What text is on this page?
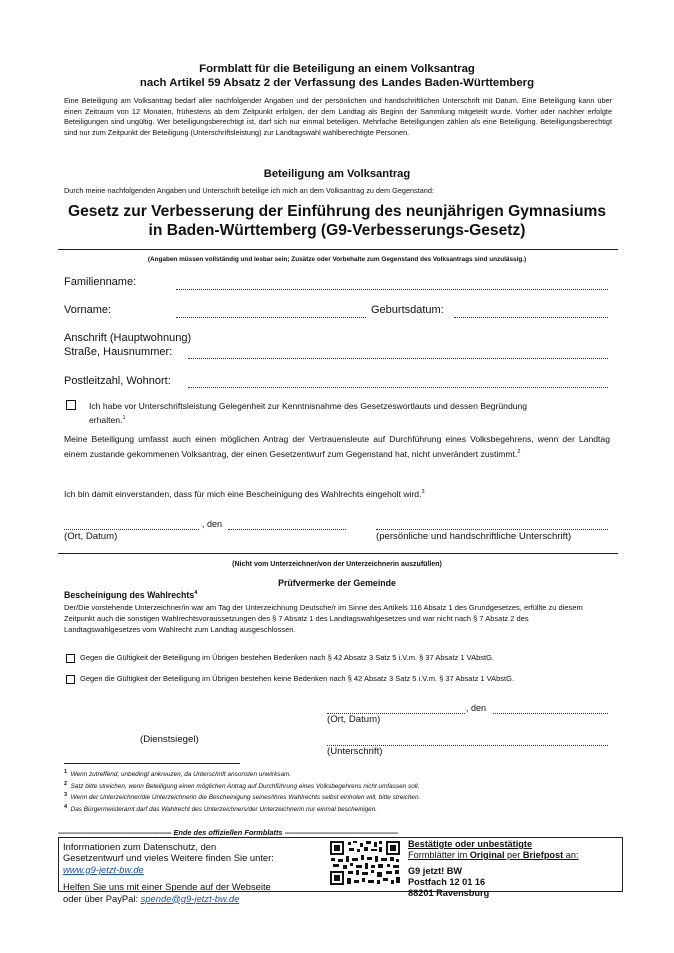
Formblatt für die Beteiligung an einem Volksantrag
nach Artikel 59 Absatz 2 der Verfassung des Landes Baden-Württemberg
Eine Beteiligung am Volksantrag bedarf aller nachfolgender Angaben und der persönlichen und handschriftlichen Unterschrift mit Datum. Eine Beteiligung kann über einen Zeitraum von 12 Monaten, frühestens ab dem Zeitpunkt erfolgen, der dem Landtag als Beginn der Sammlung mitgeteilt wurde. Vorher oder nachher erfolgte Beteiligungen sind ungültig. Wer beteiligungsberechtigt ist, darf sich nur einmal beteiligen. Mehrfache Beteiligungen zählen als eine Beteiligung. Beteiligungsberechtigt sind nur zum Zeitpunkt der Beteiligung (Unterschriftsleistung) zur Landtagswahl wahlberechtigte Personen.
Beteiligung am Volksantrag
Durch meine nachfolgenden Angaben und Unterschrift beteilige ich mich an dem Volksantrag zu dem Gegenstand:
Gesetz zur Verbesserung der Einführung des neunjährigen Gymnasiums
in Baden-Württemberg (G9-Verbesserungs-Gesetz)
(Angaben müssen vollständig und lesbar sein; Zusätze oder Vorbehalte zum Gegenstand des Volksantrags sind unzulässig.)
Familienname:
Vorname:	Geburtsdatum:
Anschrift (Hauptwohnung)
Straße, Hausnummer:
Postleitzahl, Wohnort:
Ich habe vor Unterschriftsleistung Gelegenheit zur Kenntnisnahme des Gesetzeswortlauts und dessen Begründung erhalten.$^1$
Meine Beteiligung umfasst auch einen möglichen Antrag der Vertrauensleute auf Durchführung eines Volksbegehrens, wenn der Landtag einem zustande gekommenen Volksantrag, der einen Gesetzentwurf zum Gegenstand hat, nicht unverändert zustimmt.$^2$
Ich bin damit einverstanden, dass für mich eine Bescheinigung des Wahlrechts eingeholt wird.$^3$
, den
(Ort, Datum)	(persönliche und handschriftliche Unterschrift)
(Nicht vom Unterzeichner/von der Unterzeichnerin auszufüllen)
Prüfvermerke der Gemeinde
Bescheinigung des Wahlrechts$^4$
Der/Die vorstehende Unterzeichner/in war am Tag der Unterzeichnung Deutsche/r im Sinne des Artikels 116 Absatz 1 des Grundgesetzes, erfüllte zu diesem Zeitpunkt auch die sonstigen Wahlrechtsvoraussetzungen des § 7 Absatz 1 des Landtagswahlgesetzes und war nicht nach § 7 Absatz 2 des Landtagswahlgesetzes vom Wahlrecht zum Landtag ausgeschlossen.
Gegen die Gültigkeit der Beteiligung im Übrigen bestehen Bedenken nach § 42 Absatz 3 Satz 5 i.V.m. § 37 Absatz 1 VAbstG.
Gegen die Gültigkeit der Beteiligung im Übrigen bestehen keine Bedenken nach § 42 Absatz 3 Satz 5 i.V.m. § 37 Absatz 1 VAbstG.
, den
(Ort, Datum)
(Dienstsiegel)
(Unterschrift)
$^1$ Wenn zutreffend, unbedingt ankreuzen, da Unterschrift ansonsten unwirksam.
$^2$ Satz bitte streichen, wenn Beteiligung einen möglichen Antrag auf Durchführung eines Volksbegehrens nicht umfassen soll.
$^3$ Wenn der Unterzeichner/die Unterzeichnerin die Bescheinigung seines/ihres Wahlrechts selbst einholen will, bitte streichen.
$^4$ Das Bürgermeisteramt darf das Wahlrecht des Unterzeichners/der Unterzeichnerin nur einmal bescheinigen.
------------------------------------------------------- Ende des offiziellen Formblatts -------------------------------------------------------
Informationen zum Datenschutz, den
Gesetzentwurf und vieles Weitere finden Sie unter:
www.g9-jetzt-bw.de
Helfen Sie uns mit einer Spende auf der Webseite
oder über PayPal: spende@g9-jetzt-bw.de
Bestätigte oder unbestätigte
Formblätter im Original per Briefpost an:
G9 jetzt! BW
Postfach 12 01 16
88201 Ravensburg
